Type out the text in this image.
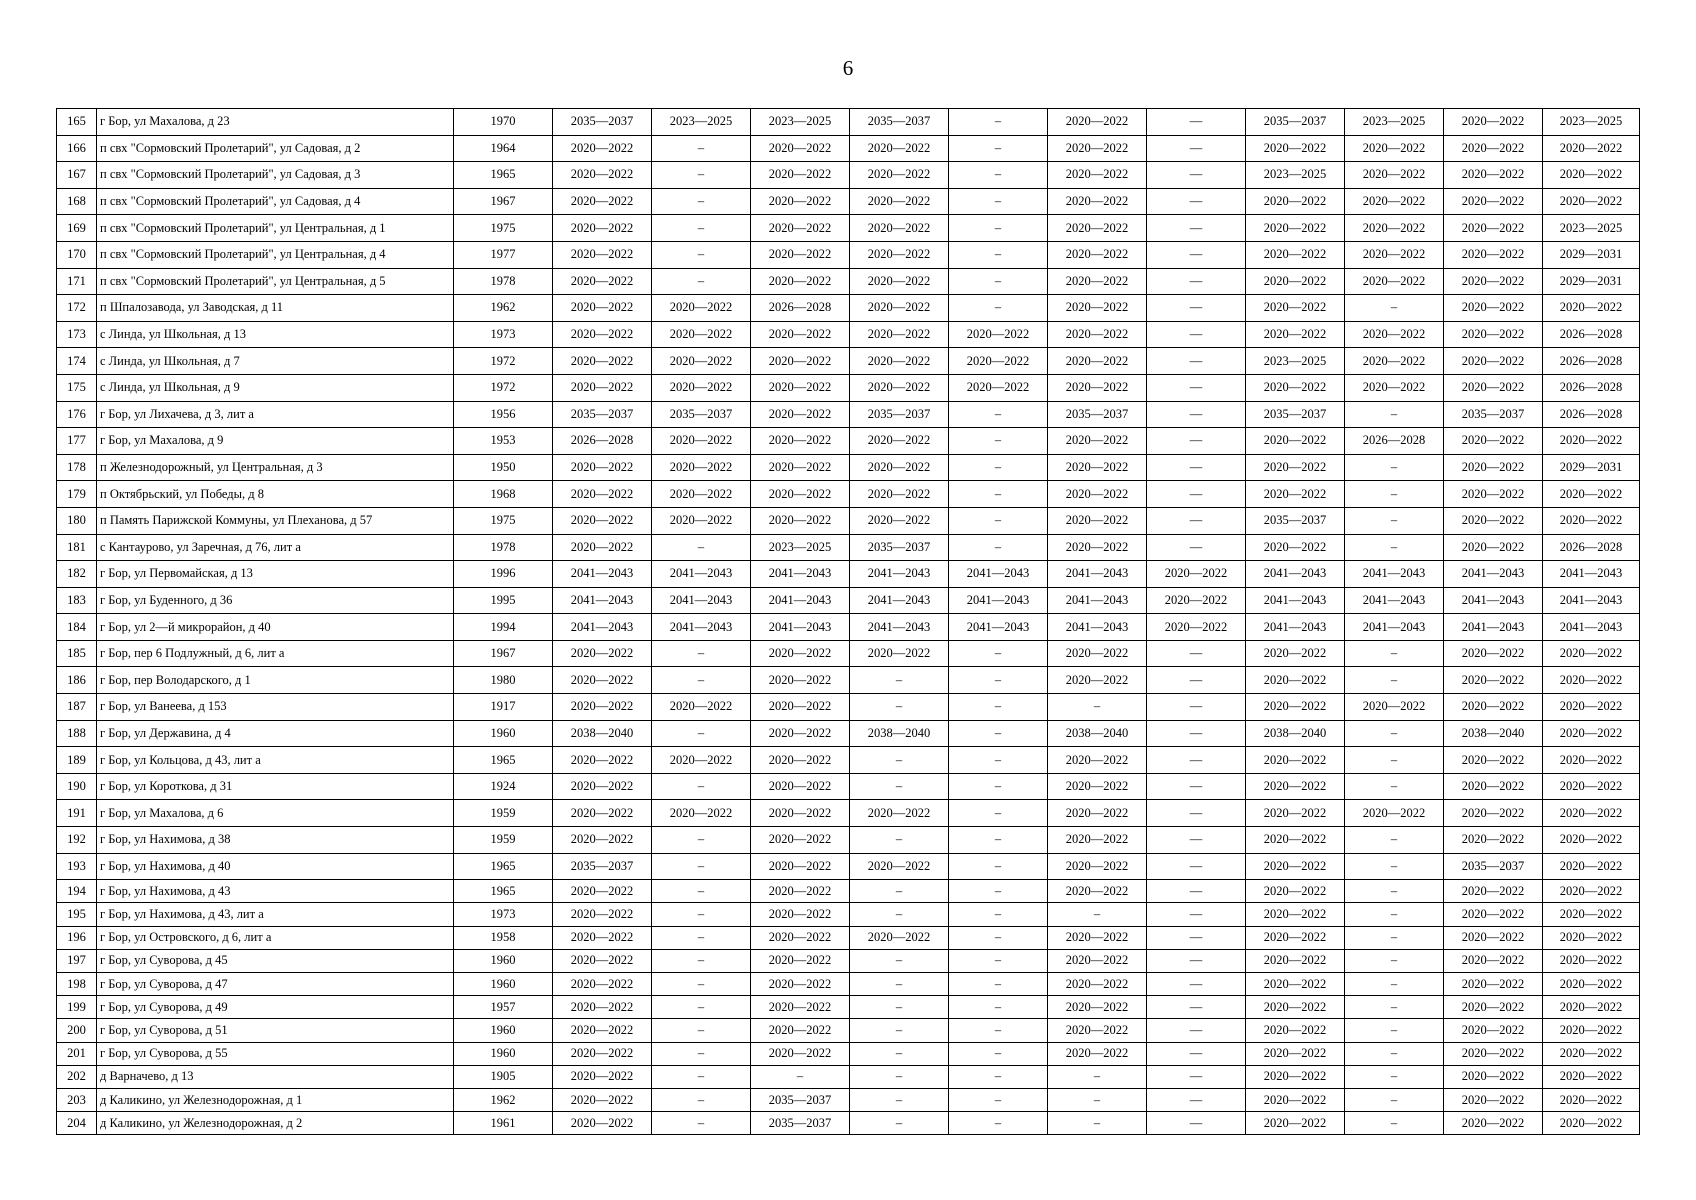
6
165	г Бор, ул Махалова, д 23	1970	2035—2037	2023—2025	2023—2025	2035—2037	–	2020—2022	—	2035—2037	2023—2025	2020—2022	2023—2025
166	п свх "Сормовский Пролетарий", ул Садовая, д 2	1964	2020—2022	–	2020—2022	2020—2022	–	2020—2022	—	2020—2022	2020—2022	2020—2022	2020—2022
167	п свх "Сормовский Пролетарий", ул Садовая, д 3	1965	2020—2022	–	2020—2022	2020—2022	–	2020—2022	—	2023—2025	2020—2022	2020—2022	2020—2022
168	п свх "Сормовский Пролетарий", ул Садовая, д 4	1967	2020—2022	–	2020—2022	2020—2022	–	2020—2022	—	2020—2022	2020—2022	2020—2022	2020—2022
169	п свх "Сормовский Пролетарий", ул Центральная, д 1	1975	2020—2022	–	2020—2022	2020—2022	–	2020—2022	—	2020—2022	2020—2022	2020—2022	2023—2025
170	п свх "Сормовский Пролетарий", ул Центральная, д 4	1977	2020—2022	–	2020—2022	2020—2022	–	2020—2022	—	2020—2022	2020—2022	2020—2022	2029—2031
171	п свх "Сормовский Пролетарий", ул Центральная, д 5	1978	2020—2022	–	2020—2022	2020—2022	–	2020—2022	—	2020—2022	2020—2022	2020—2022	2029—2031
172	п Шпалозавода, ул Заводская, д 11	1962	2020—2022	2020—2022	2026—2028	2020—2022	–	2020—2022	—	2020—2022	–	2020—2022	2020—2022
173	с Линда, ул Школьная, д 13	1973	2020—2022	2020—2022	2020—2022	2020—2022	2020—2022	2020—2022	—	2020—2022	2020—2022	2020—2022	2026—2028
174	с Линда, ул Школьная, д 7	1972	2020—2022	2020—2022	2020—2022	2020—2022	2020—2022	2020—2022	—	2023—2025	2020—2022	2020—2022	2026—2028
175	с Линда, ул Школьная, д 9	1972	2020—2022	2020—2022	2020—2022	2020—2022	2020—2022	2020—2022	—	2020—2022	2020—2022	2020—2022	2026—2028
176	г Бор, ул Лихачева, д 3, лит а	1956	2035—2037	2035—2037	2020—2022	2035—2037	–	2035—2037	—	2035—2037	–	2035—2037	2026—2028
177	г Бор, ул Махалова, д 9	1953	2026—2028	2020—2022	2020—2022	2020—2022	–	2020—2022	—	2020—2022	2026—2028	2020—2022	2020—2022
178	п Железнодорожный, ул Центральная, д 3	1950	2020—2022	2020—2022	2020—2022	2020—2022	–	2020—2022	—	2020—2022	–	2020—2022	2029—2031
179	п Октябрьский, ул Победы, д 8	1968	2020—2022	2020—2022	2020—2022	2020—2022	–	2020—2022	—	2020—2022	–	2020—2022	2020—2022
180	п Память Парижской Коммуны, ул Плеханова, д 57	1975	2020—2022	2020—2022	2020—2022	2020—2022	–	2020—2022	—	2035—2037	–	2020—2022	2020—2022
181	с Кантаурово, ул Заречная, д 76, лит а	1978	2020—2022	–	2023—2025	2035—2037	–	2020—2022	—	2020—2022	–	2020—2022	2026—2028
182	г Бор, ул Первомайская, д 13	1996	2041—2043	2041—2043	2041—2043	2041—2043	2041—2043	2041—2043	2020—2022	2041—2043	2041—2043	2041—2043	2041—2043
183	г Бор, ул Буденного, д 36	1995	2041—2043	2041—2043	2041—2043	2041—2043	2041—2043	2041—2043	2020—2022	2041—2043	2041—2043	2041—2043	2041—2043
184	г Бор, ул 2—й микрорайон, д 40	1994	2041—2043	2041—2043	2041—2043	2041—2043	2041—2043	2041—2043	2020—2022	2041—2043	2041—2043	2041—2043	2041—2043
185	г Бор, пер 6 Подлужный, д 6, лит а	1967	2020—2022	–	2020—2022	2020—2022	–	2020—2022	—	2020—2022	–	2020—2022	2020—2022
186	г Бор, пер Володарского, д 1	1980	2020—2022	–	2020—2022	–	–	2020—2022	—	2020—2022	–	2020—2022	2020—2022
187	г Бор, ул Ванеева, д 153	1917	2020—2022	2020—2022	2020—2022	–	–	–	—	2020—2022	2020—2022	2020—2022	2020—2022
188	г Бор, ул Державина, д 4	1960	2038—2040	–	2020—2022	2038—2040	–	2038—2040	—	2038—2040	–	2038—2040	2020—2022
189	г Бор, ул Кольцова, д 43, лит а	1965	2020—2022	2020—2022	2020—2022	–	–	2020—2022	—	2020—2022	–	2020—2022	2020—2022
190	г Бор, ул Короткова, д 31	1924	2020—2022	–	2020—2022	–	–	2020—2022	—	2020—2022	–	2020—2022	2020—2022
191	г Бор, ул Махалова, д 6	1959	2020—2022	2020—2022	2020—2022	2020—2022	–	2020—2022	—	2020—2022	2020—2022	2020—2022	2020—2022
192	г Бор, ул Нахимова, д 38	1959	2020—2022	–	2020—2022	–	–	2020—2022	—	2020—2022	–	2020—2022	2020—2022
193	г Бор, ул Нахимова, д 40	1965	2035—2037	–	2020—2022	2020—2022	–	2020—2022	—	2020—2022	–	2035—2037	2020—2022
194	г Бор, ул Нахимова, д 43	1965	2020—2022	–	2020—2022	–	–	2020—2022	—	2020—2022	–	2020—2022	2020—2022
195	г Бор, ул Нахимова, д 43, лит а	1973	2020—2022	–	2020—2022	–	–	–	—	2020—2022	–	2020—2022	2020—2022
196	г Бор, ул Островского, д 6, лит а	1958	2020—2022	–	2020—2022	2020—2022	–	2020—2022	—	2020—2022	–	2020—2022	2020—2022
197	г Бор, ул Суворова, д 45	1960	2020—2022	–	2020—2022	–	–	2020—2022	—	2020—2022	–	2020—2022	2020—2022
198	г Бор, ул Суворова, д 47	1960	2020—2022	–	2020—2022	–	–	2020—2022	—	2020—2022	–	2020—2022	2020—2022
199	г Бор, ул Суворова, д 49	1957	2020—2022	–	2020—2022	–	–	2020—2022	—	2020—2022	–	2020—2022	2020—2022
200	г Бор, ул Суворова, д 51	1960	2020—2022	–	2020—2022	–	–	2020—2022	—	2020—2022	–	2020—2022	2020—2022
201	г Бор, ул Суворова, д 55	1960	2020—2022	–	2020—2022	–	–	2020—2022	—	2020—2022	–	2020—2022	2020—2022
202	д Варначево, д 13	1905	2020—2022	–	–	–	–	–	—	2020—2022	–	2020—2022	2020—2022
203	д Каликино, ул Железнодорожная, д 1	1962	2020—2022	–	2035—2037	–	–	–	—	2020—2022	–	2020—2022	2020—2022
204	д Каликино, ул Железнодорожная, д 2	1961	2020—2022	–	2035—2037	–	–	–	—	2020—2022	–	2020—2022	2020—2022
